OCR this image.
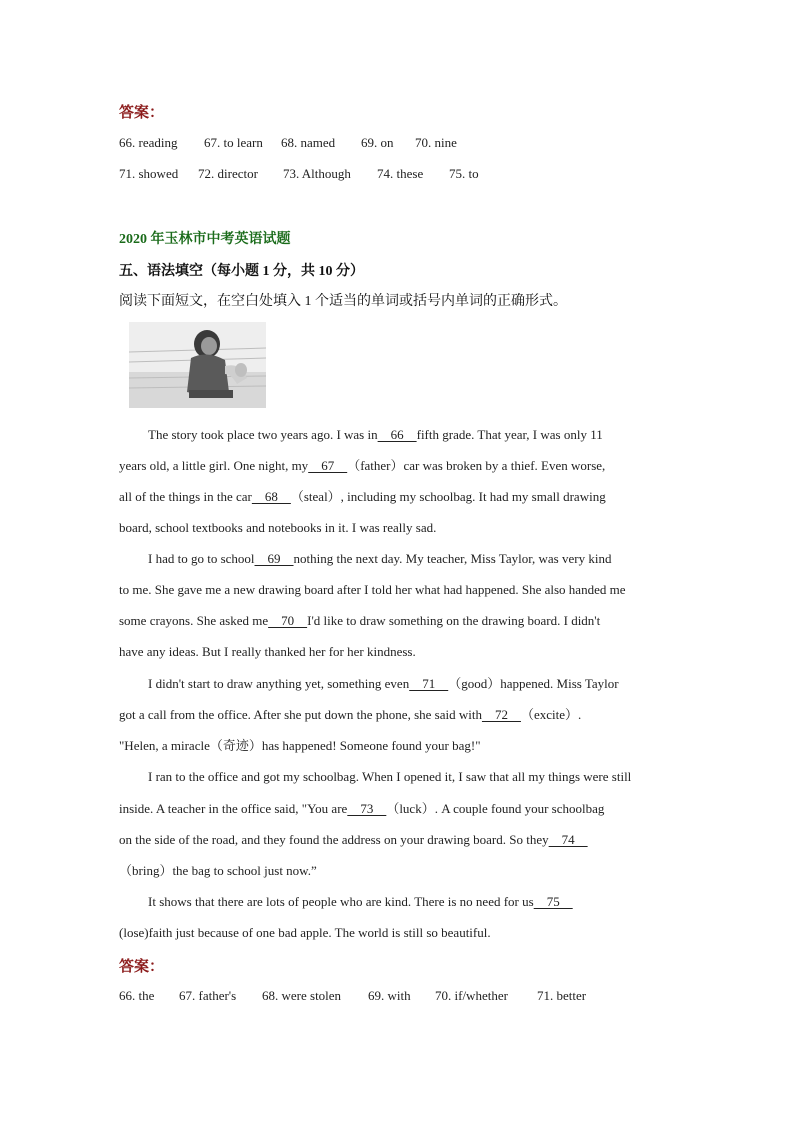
答案：
66. reading 67. to learn 68. named 69. on 70. nine
71. showed 72. director 73. Although 74. these 75. to
2020 年玉林市中考英语试题
五、语法填空（每小题 1 分，共 10 分）
阅读下面短文，在空白处填入 1 个适当的单词或括号内单词的正确形式。
The story took place two years ago. I was in    66    fifth grade. That year, I was only 11
years old, a little girl. One night, my    67    （father）car was broken by a thief. Even worse,
all of the things in the car    68    （steal）, including my schoolbag. It had my small drawing
board, school textbooks and notebooks in it. I was really sad.
I had to go to school    69    nothing the next day. My teacher, Miss Taylor, was very kind
to me. She gave me a new drawing board after I told her what had happened. She also handed me
some crayons. She asked me    70    I'd like to draw something on the drawing board. I didn't
have any ideas. But I really thanked her for her kindness.
I didn't start to draw anything yet, something even    71    （good）happened. Miss Taylor
got a call from the office. After she put down the phone, she said with    72    （excite）.
"Helen, a miracle（奇迹）has happened! Someone found your bag!"
I ran to the office and got my schoolbag. When I opened it, I saw that all my things were still
inside. A teacher in the office said, "You are    73    （luck）. A couple found your schoolbag
on the side of the road, and they found the address on your drawing board. So they    74
（bring）the bag to school just now.”
It shows that there are lots of people who are kind. There is no need for us    75
(lose)faith just because of one bad apple. The world is still so beautiful.
答案：
66. the 67. father's 68. were stolen 69. with 70. if/whether 71. better
